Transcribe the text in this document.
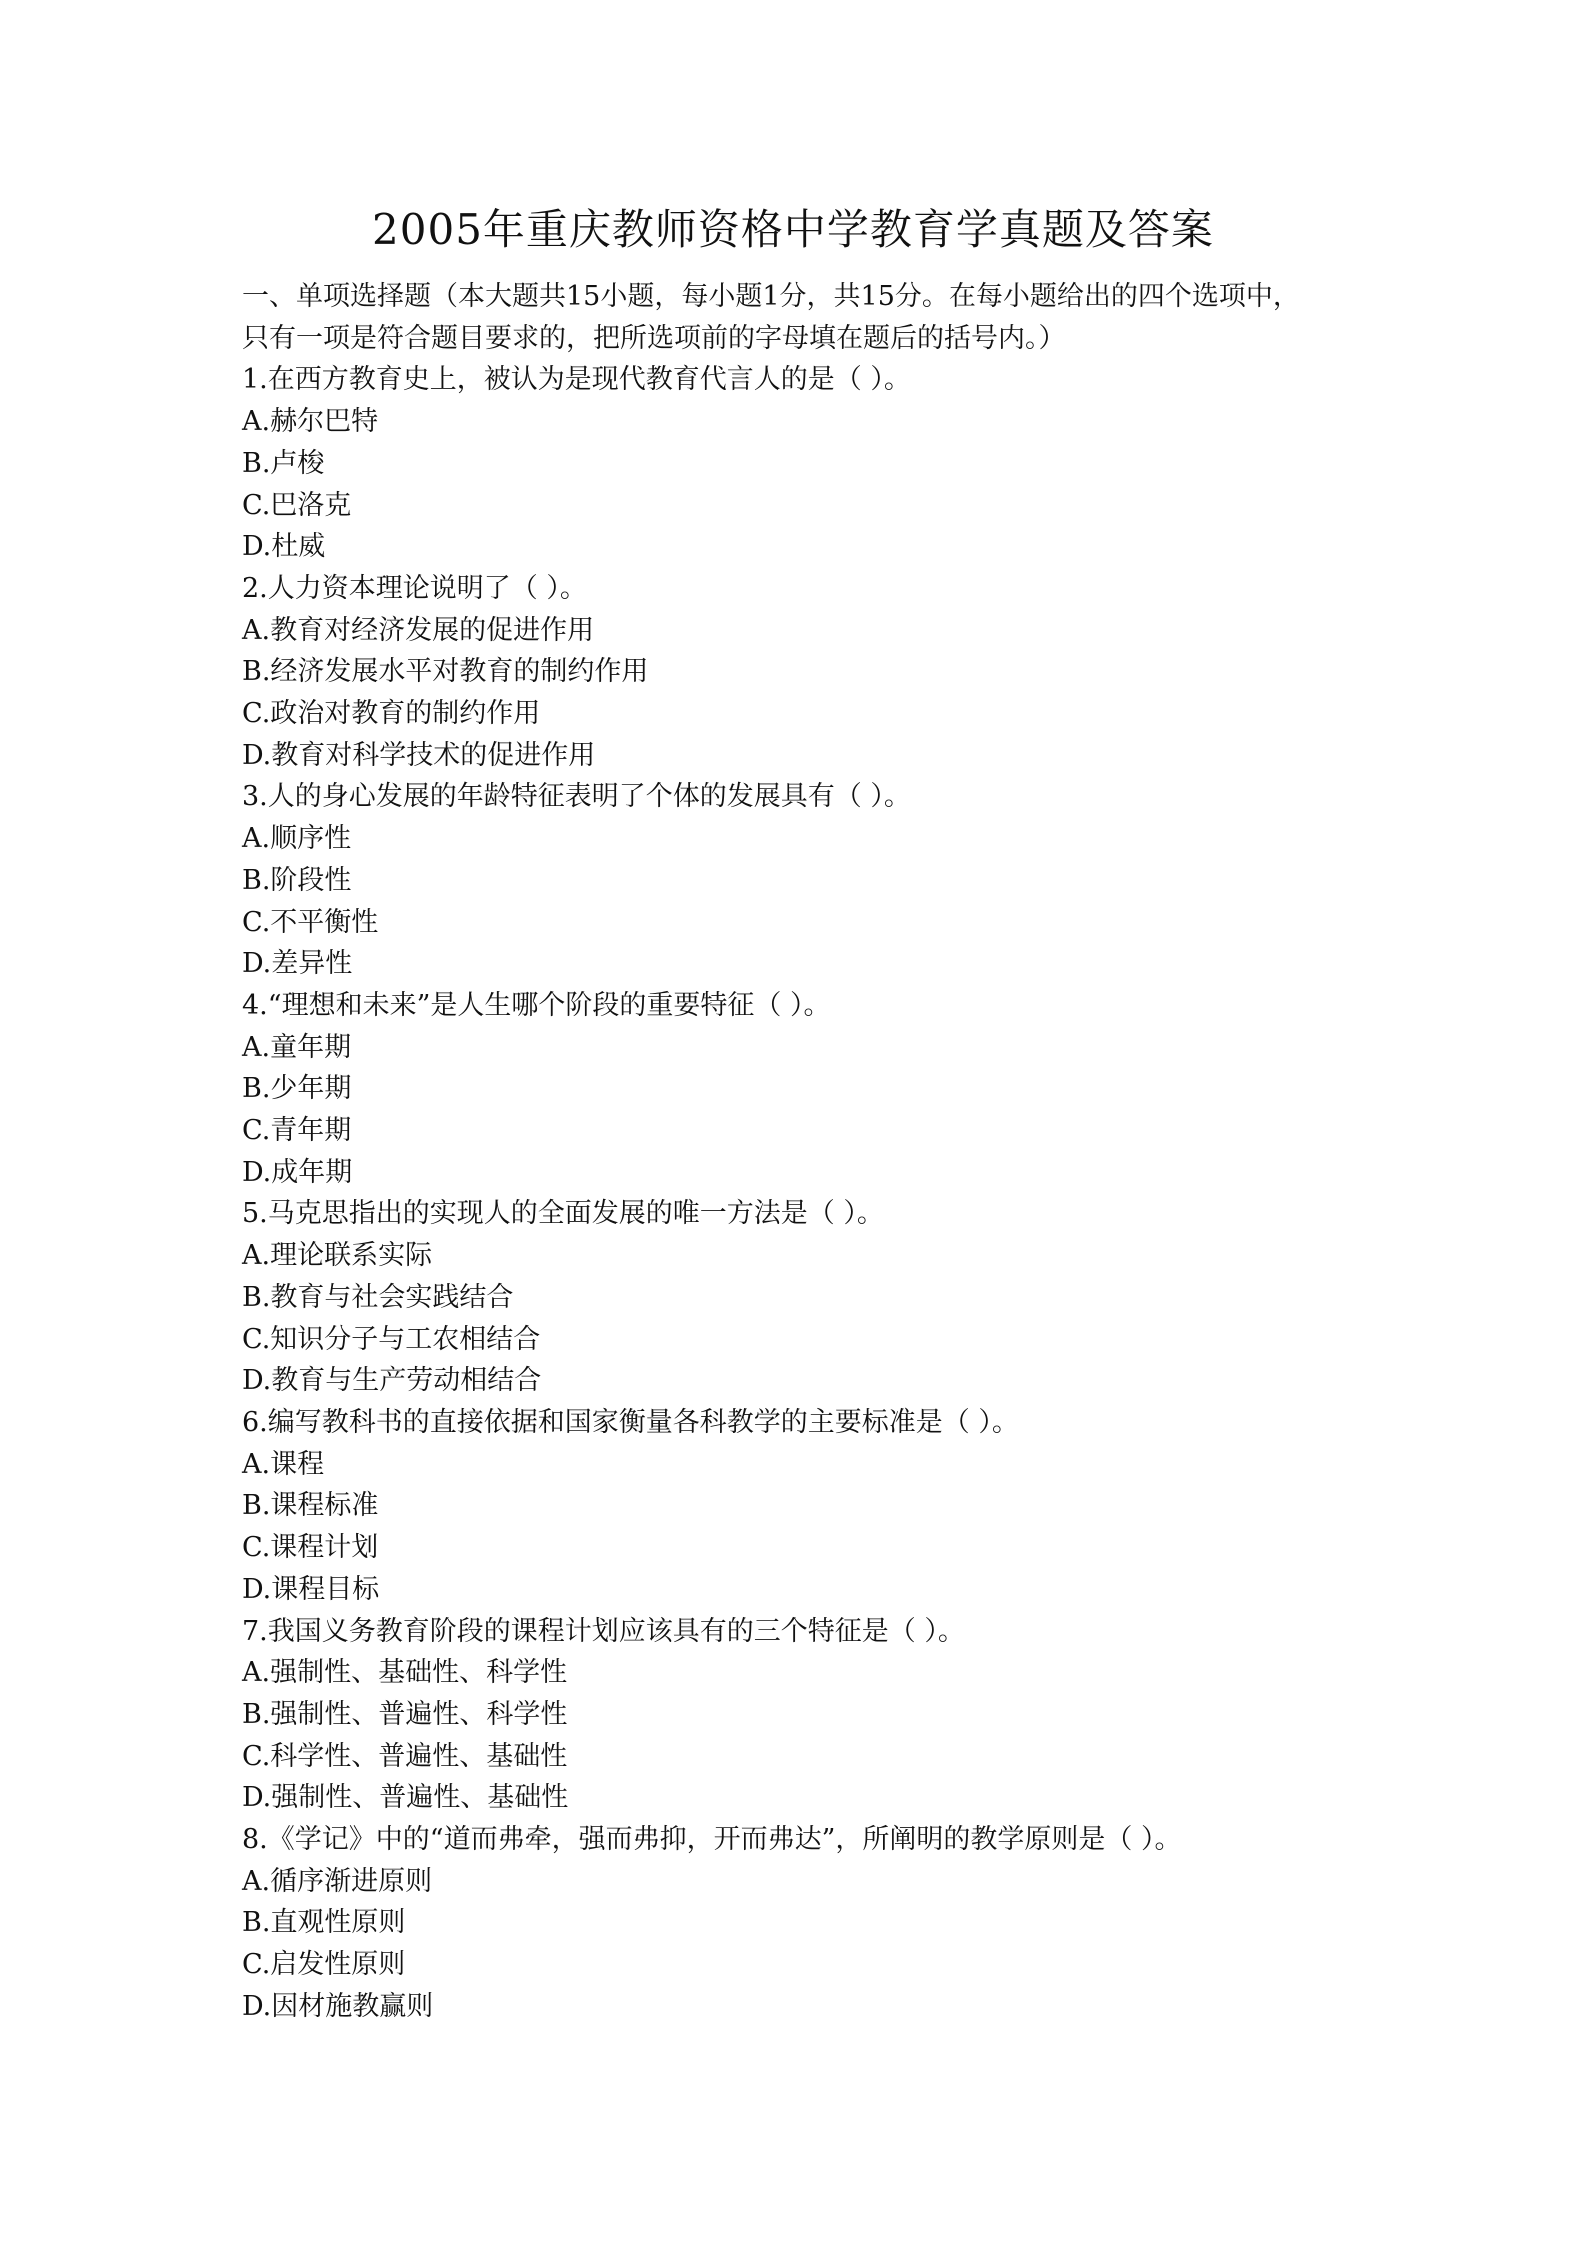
2005年重庆教师资格中学教育学真题及答案

一、单项选择题（本大题共15小题，每小题1分，共15分。在每小题给出的四个选项中，

只有一项是符合题目要求的，把所选项前的字母填在题后的括号内。）

1.在西方教育史上，被认为是现代教育代言人的是（ ）。

A.赫尔巴特

B.卢梭

C.巴洛克

D.杜威

2.人力资本理论说明了（ ）。

A.教育对经济发展的促进作用

B.经济发展水平对教育的制约作用

C.政治对教育的制约作用

D.教育对科学技术的促进作用

3.人的身心发展的年龄特征表明了个体的发展具有（ ）。

A.顺序性

B.阶段性

C.不平衡性

D.差异性

4.“理想和未来”是人生哪个阶段的重要特征（ ）。

A.童年期

B.少年期

C.青年期

D.成年期

5.马克思指出的实现人的全面发展的唯一方法是（ ）。

A.理论联系实际

B.教育与社会实践结合

C.知识分子与工农相结合

D.教育与生产劳动相结合

6.编写教科书的直接依据和国家衡量各科教学的主要标准是（ ）。

A.课程

B.课程标准

C.课程计划

D.课程目标

7.我国义务教育阶段的课程计划应该具有的三个特征是（ ）。

A.强制性、基础性、科学性

B.强制性、普遍性、科学性

C.科学性、普遍性、基础性

D.强制性、普遍性、基础性

8.《学记》中的“道而弗牵，强而弗抑，开而弗达”，所阐明的教学原则是（ ）。

A.循序渐进原则

B.直观性原则

C.启发性原则

D.因材施教赢则
